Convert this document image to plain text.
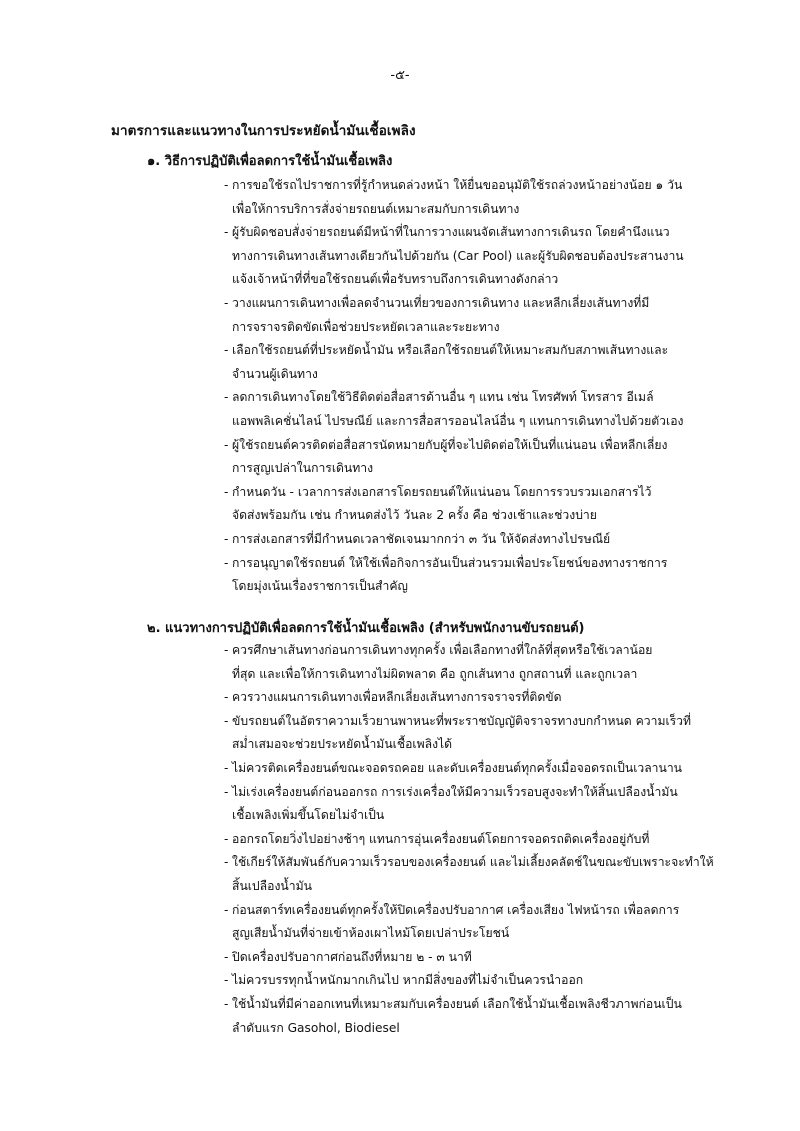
-๕-
มาตรการและแนวทางในการประหยัดน้ำมันเชื้อเพลิง
๑. วิธีการปฏิบัติเพื่อลดการใช้น้ำมันเชื้อเพลิง
- การขอใช้รถไปราชการที่รู้กำหนดล่วงหน้า ให้ยื่นขออนุมัติใช้รถล่วงหน้าอย่างน้อย ๑ วัน
เพื่อให้การบริการสั่งจ่ายรถยนต์เหมาะสมกับการเดินทาง
- ผู้รับผิดชอบสั่งจ่ายรถยนต์มีหน้าที่ในการวางแผนจัดเส้นทางการเดินรถ โดยคำนึงแนว
ทางการเดินทางเส้นทางเดียวกันไปด้วยกัน (Car Pool) และผู้รับผิดชอบต้องประสานงาน
แจ้งเจ้าหน้าที่ที่ขอใช้รถยนต์เพื่อรับทราบถึงการเดินทางดังกล่าว
- วางแผนการเดินทางเพื่อลดจำนวนเที่ยวของการเดินทาง และหลีกเลี่ยงเส้นทางที่มี
การจราจรติดขัดเพื่อช่วยประหยัดเวลาและระยะทาง
- เลือกใช้รถยนต์ที่ประหยัดน้ำมัน หรือเลือกใช้รถยนต์ให้เหมาะสมกับสภาพเส้นทางและ
จำนวนผู้เดินทาง
- ลดการเดินทางโดยใช้วิธีติดต่อสื่อสารด้านอื่น ๆ แทน เช่น โทรศัพท์ โทรสาร อีเมล์
แอพพลิเคชั่นไลน์ ไปรษณีย์ และการสื่อสารออนไลน์อื่น ๆ แทนการเดินทางไปด้วยตัวเอง
- ผู้ใช้รถยนต์ควรติดต่อสื่อสารนัดหมายกับผู้ที่จะไปติดต่อให้เป็นที่แน่นอน เพื่อหลีกเลี่ยง
การสูญเปล่าในการเดินทาง
- กำหนดวัน - เวลาการส่งเอกสารโดยรถยนต์ให้แน่นอน โดยการรวบรวมเอกสารไว้
จัดส่งพร้อมกัน เช่น กำหนดส่งไว้ วันละ 2 ครั้ง คือ ช่วงเช้าและช่วงบ่าย
- การส่งเอกสารที่มีกำหนดเวลาชัดเจนมากกว่า ๓ วัน ให้จัดส่งทางไปรษณีย์
- การอนุญาตใช้รถยนต์ ให้ใช้เพื่อกิจการอันเป็นส่วนรวมเพื่อประโยชน์ของทางราชการ
โดยมุ่งเน้นเรื่องราชการเป็นสำคัญ
๒. แนวทางการปฏิบัติเพื่อลดการใช้น้ำมันเชื้อเพลิง (สำหรับพนักงานขับรถยนต์)
- ควรศึกษาเส้นทางก่อนการเดินทางทุกครั้ง เพื่อเลือกทางที่ใกล้ที่สุดหรือใช้เวลาน้อย
ที่สุด และเพื่อให้การเดินทางไม่ผิดพลาด คือ ถูกเส้นทาง ถูกสถานที่ และถูกเวลา
- ควรวางแผนการเดินทางเพื่อหลีกเลี่ยงเส้นทางการจราจรที่ติดขัด
- ขับรถยนต์ในอัตราความเร็วยานพาหนะที่พระราชบัญญัติจราจรทางบกกำหนด ความเร็วที่
สม่ำเสมอจะช่วยประหยัดน้ำมันเชื้อเพลิงได้
- ไม่ควรติดเครื่องยนต์ขณะจอดรถคอย และดับเครื่องยนต์ทุกครั้งเมื่อจอดรถเป็นเวลานาน
- ไม่เร่งเครื่องยนต์ก่อนออกรถ การเร่งเครื่องให้มีความเร็วรอบสูงจะทำให้สิ้นเปลืองน้ำมัน
เชื้อเพลิงเพิ่มขึ้นโดยไม่จำเป็น
- ออกรถโดยวิ่งไปอย่างช้าๆ แทนการอุ่นเครื่องยนต์โดยการจอดรถติดเครื่องอยู่กับที่
- ใช้เกียร์ให้สัมพันธ์กับความเร็วรอบของเครื่องยนต์ และไม่เลี้ยงคลัตช์ในขณะขับเพราะจะทำให้
สิ้นเปลืองน้ำมัน
- ก่อนสตาร์ทเครื่องยนต์ทุกครั้งให้ปิดเครื่องปรับอากาศ เครื่องเสียง ไฟหน้ารถ เพื่อลดการ
สูญเสียน้ำมันที่จ่ายเข้าห้องเผาไหม้โดยเปล่าประโยชน์
- ปิดเครื่องปรับอากาศก่อนถึงที่หมาย ๒ - ๓ นาที
- ไม่ควรบรรทุกน้ำหนักมากเกินไป หากมีสิ่งของที่ไม่จำเป็นควรนำออก
- ใช้น้ำมันที่มีค่าออกเทนที่เหมาะสมกับเครื่องยนต์ เลือกใช้น้ำมันเชื้อเพลิงชีวภาพก่อนเป็น
ลำดับแรก Gasohol, Biodiesel
